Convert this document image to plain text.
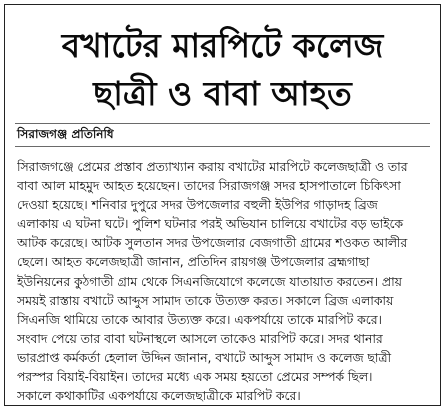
বখাটের মারপিটে কলেজ
ছাত্রী ও বাবা আহত
সিরাজগঞ্জ প্রতিনিধি
সিরাজগঞ্জে প্রেমের প্রস্তাব প্রত্যাখ্যান করায় বখাটের মারপিটে কলেজছাত্রী ও তার
বাবা আল মাহমুদ আহত হয়েছেন। তাদের সিরাজগঞ্জ সদর হাসপাতালে চিকিৎসা
দেওয়া হয়েছে। শনিবার দুপুরে সদর উপজেলার বহুলী ইউপির গাড়াদহ ব্রিজ
এলাকায় এ ঘটনা ঘটে। পুলিশ ঘটনার পরই অভিযান চালিয়ে বখাটের বড় ভাইকে
আটক করেছে। আটক সুলতান সদর উপজেলার বেজগাতী গ্রামের শওকত আলীর
ছেলে। আহত কলেজছাত্রী জানান, প্রতিদিন রায়গঞ্জ উপজেলার ব্রহ্মগাছা
ইউনিয়নের কুঠগাতী গ্রাম থেকে সিএনজিযোগে কলেজে যাতায়াত করতেন। প্রায়
সময়ই রাস্তায় বখাটে আব্দুস সামাদ তাকে উত্যক্ত করত। সকালে ব্রিজ এলাকায়
সিএনজি থামিয়ে তাকে আবার উত্যক্ত করে। একপর্যায়ে তাকে মারপিট করে।
সংবাদ পেয়ে তার বাবা ঘটনাস্থলে আসলে তাকেও মারপিট করে। সদর থানার
ভারপ্রাপ্ত কর্মকর্তা হেলাল উদ্দিন জানান, বখাটে আব্দুস সামাদ ও কলেজ ছাত্রী
পরস্পর বিয়াই-বিয়াইন। তাদের মধ্যে এক সময় হয়তো প্রেমের সম্পর্ক ছিল।
সকালে কথাকাটির একপর্যায়ে কলেজছাত্রীকে মারপিট করে।
